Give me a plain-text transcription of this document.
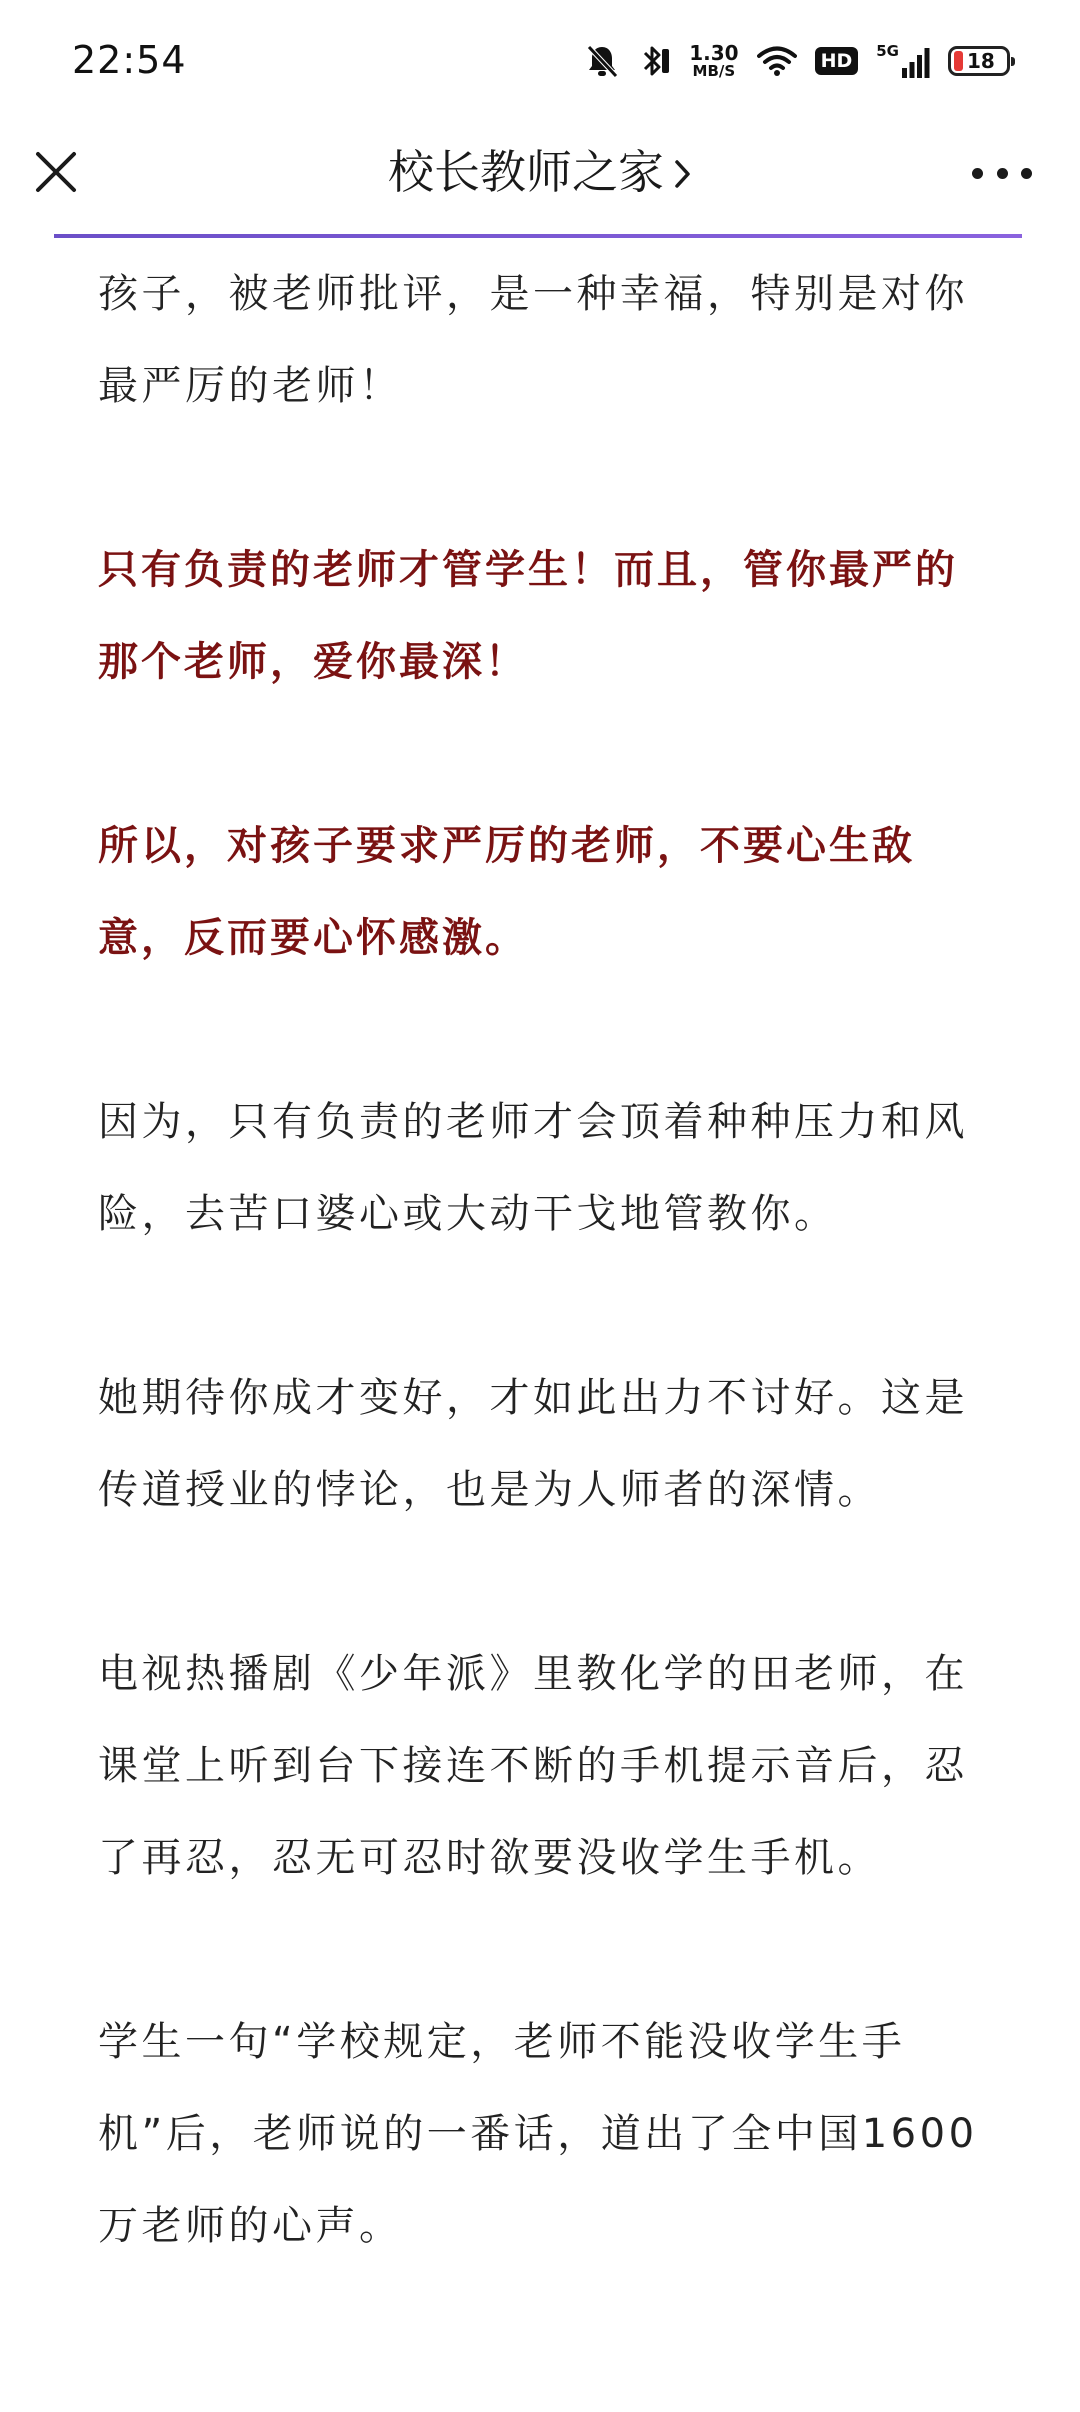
22:54	1.30
MB/S	HD	5G	18
校长教师之家

孩子，被老师批评，是一种幸福，特别是对你最严厉的老师！

只有负责的老师才管学生！而且，管你最严的那个老师，爱你最深！

所以，对孩子要求严厉的老师，不要心生敌意，反而要心怀感激。

因为，只有负责的老师才会顶着种种压力和风险，去苦口婆心或大动干戈地管教你。

她期待你成才变好，才如此出力不讨好。这是传道授业的悖论，也是为人师者的深情。

电视热播剧《少年派》里教化学的田老师，在课堂上听到台下接连不断的手机提示音后，忍了再忍，忍无可忍时欲要没收学生手机。

学生一句“学校规定，老师不能没收学生手机”后，老师说的一番话，道出了全中国1600万老师的心声。
